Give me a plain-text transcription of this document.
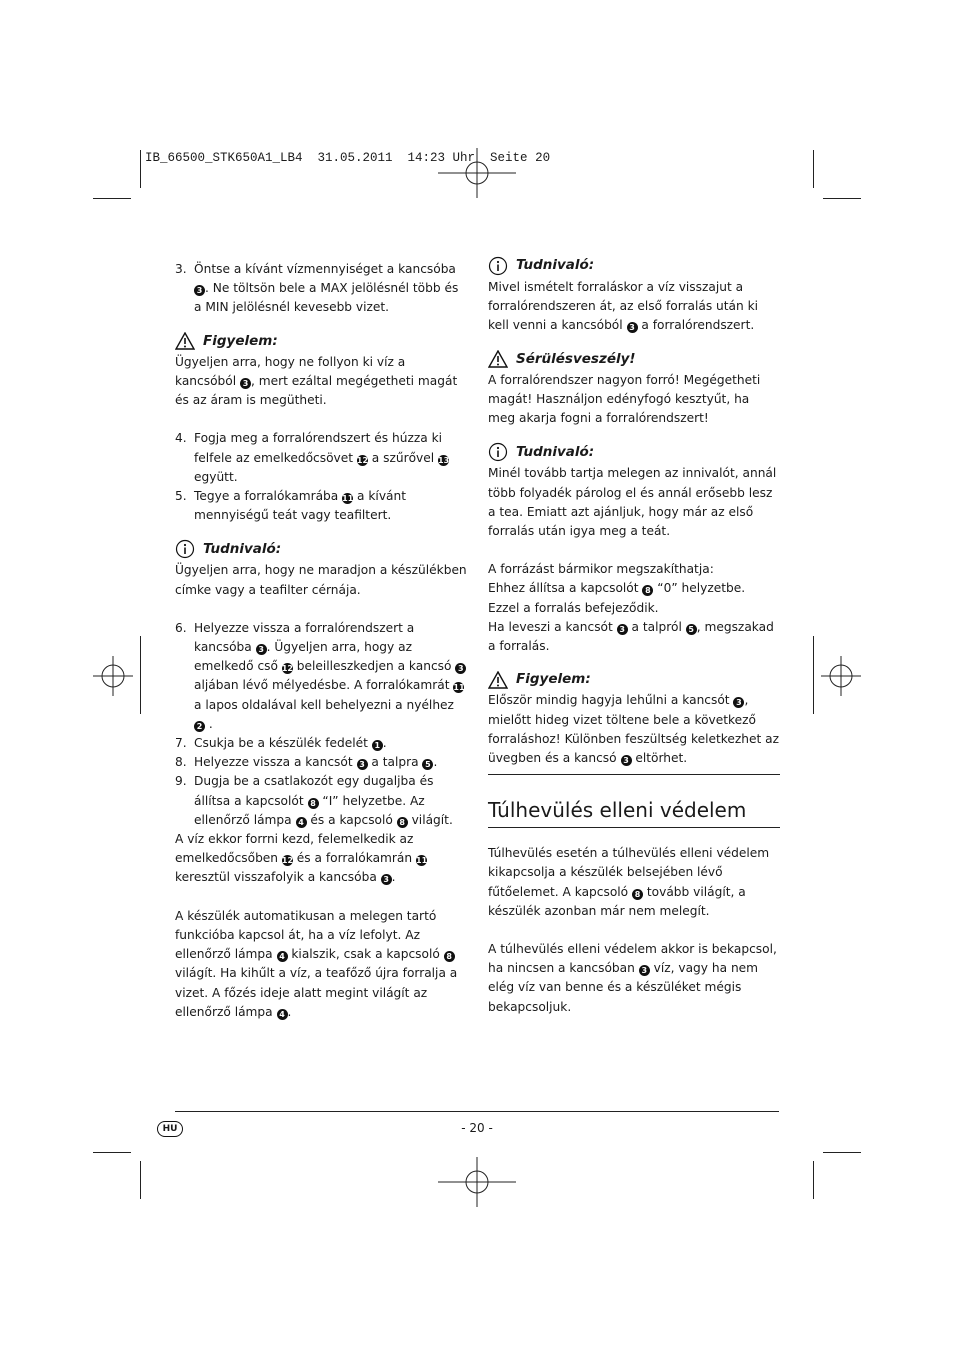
IB_66500_STK650A1_LB4  31.05.2011  14:23 Uhr  Seite 20
3. Öntse a kívánt vízmennyiséget a kancsóba 3 . Ne töltsön bele a MAX jelölésnél több és a MIN jelölésnél kevesebb vizet.
Figyelem:

Ügyeljen arra, hogy ne follyon ki víz a kancsóból 3 , mert ezáltal megégetheti magát és az áram is megütheti.

4. Fogja meg a forralórendszert és húzza ki felfele az emelkedőcsövet 12 a szűrővel 13 együtt.
5. Tegye a forralókamrába 11 a kívánt mennyiségű teát vagy teafiltert.
Tudnivaló:

Ügyeljen arra, hogy ne maradjon a készülékben címke vagy a teafilter cérnája.

6. Helyezze vissza a forralórendszert a kancsóba 3 . Ügyeljen arra, hogy az emelkedő cső 12 beleilleszkedjen a kancsó 3 aljában lévő mélyedésbe. A forralókamrát 11 a lapos oldalával kell behelyezni a nyélhez 2 .
7. Csukja be a készülék fedelét 1 .
8. Helyezze vissza a kancsót 3 a talpra 5 .
9. Dugja be a csatlakozót egy dugaljba és állítsa a kapcsolót 8 “I” helyzetbe. Az ellenőrző lámpa 4 és a kapcsoló 8 világít.

A víz ekkor forrni kezd, felemelkedik az emelkedőcsőben 12 és a forralókamrán 11 keresztül visszafolyik a kancsóba 3 .

A készülék automatikusan a melegen tartó funkcióba kapcsol át, ha a víz lefolyt. Az ellenőrző lámpa 4 kialszik, csak a kapcsoló 8 világít. Ha kihűlt a víz, a teafőző újra forralja a vizet. A főzés ideje alatt megint világít az ellenőrző lámpa 4 .

Tudnivaló:

Mivel ismételt forraláskor a víz visszajut a forralórendszeren át, az első forralás után ki kell venni a kancsóból 3 a forralórendszert.

Sérülésveszély!

A forralórendszer nagyon forró! Megégetheti magát! Használjon edényfogó kesztyűt, ha meg akarja fogni a forralórendszert!

Tudnivaló:

Minél tovább tartja melegen az innivalót, annál több folyadék párolog el és annál erősebb lesz a tea. Emiatt azt ajánljuk, hogy már az első forralás után igya meg a teát.

A forrázást bármikor megszakíthatja:

Ehhez állítsa a kapcsolót 8 “0” helyzetbe. Ezzel a forralás befejeződik.

Ha leveszi a kancsót 3 a talpról 5 , megszakad a forralás.

Figyelem:

Először mindig hagyja lehűlni a kancsót 3 , mielőtt hideg vizet töltene bele a következő forraláshoz! Különben feszültség keletkezhet az üvegben és a kancsó 3 eltörhet.

Túlhevülés elleni védelem

Túlhevülés esetén a túlhevülés elleni védelem kikapcsolja a készülék belsejében lévő fűtőelemet. A kapcsoló 8 tovább világít, a készülék azonban már nem melegít.

A túlhevülés elleni védelem akkor is bekapcsol, ha nincsen a kancsóban 3 víz, vagy ha nem elég víz van benne és a készüléket mégis bekapcsoljuk.

HU	- 20 -
